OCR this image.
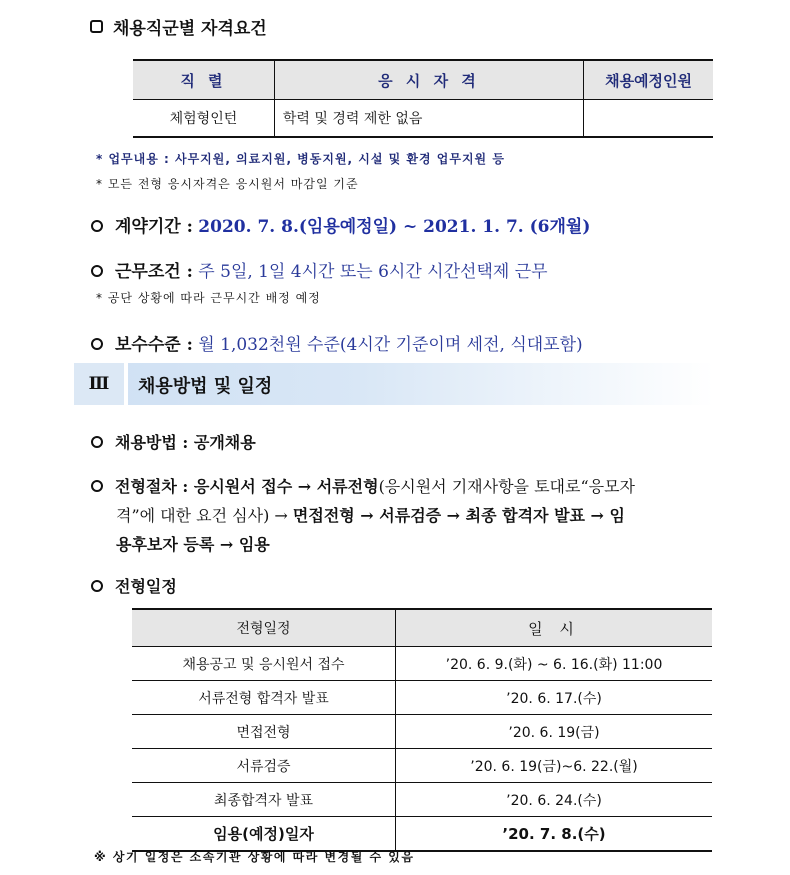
채용직군별 자격요건
직 렬	응 시 자 격	채용예정인원
체험형인턴	학력 및 경력 제한 없음	
* 업무내용 : 사무지원, 의료지원, 병동지원, 시설 및 환경 업무지원 등
* 모든 전형 응시자격은 응시원서 마감일 기준
계약기간 : 2020. 7. 8.(임용예정일) ~ 2021. 1. 7. (6개월)
근무조건 : 주 5일, 1일 4시간 또는 6시간 시간선택제 근무
* 공단 상황에 따라 근무시간 배정 예정
보수수준 : 월 1,032천원 수준(4시간 기준이며 세전, 식대포함)
Ⅲ	채용방법 및 일정
채용방법 : 공개채용
전형절차 : 응시원서 접수 → 서류전형(응시원서 기재사항을 토대로“응모자
격”에 대한 요건 심사) → 면접전형 → 서류검증 → 최종 합격자 발표 → 임
용후보자 등록 → 임용
전형일정
전형일정	일 시
채용공고 및 응시원서 접수	’20. 6. 9.(화) ~ 6. 16.(화) 11:00
서류전형 합격자 발표	’20. 6. 17.(수)
면접전형	’20. 6. 19(금)
서류검증	’20. 6. 19(금)~6. 22.(월)
최종합격자 발표	’20. 6. 24.(수)
임용(예정)일자	’20. 7. 8.(수)
※ 상기 일정은 소속기관 상황에 따라 변경될 수 있음
